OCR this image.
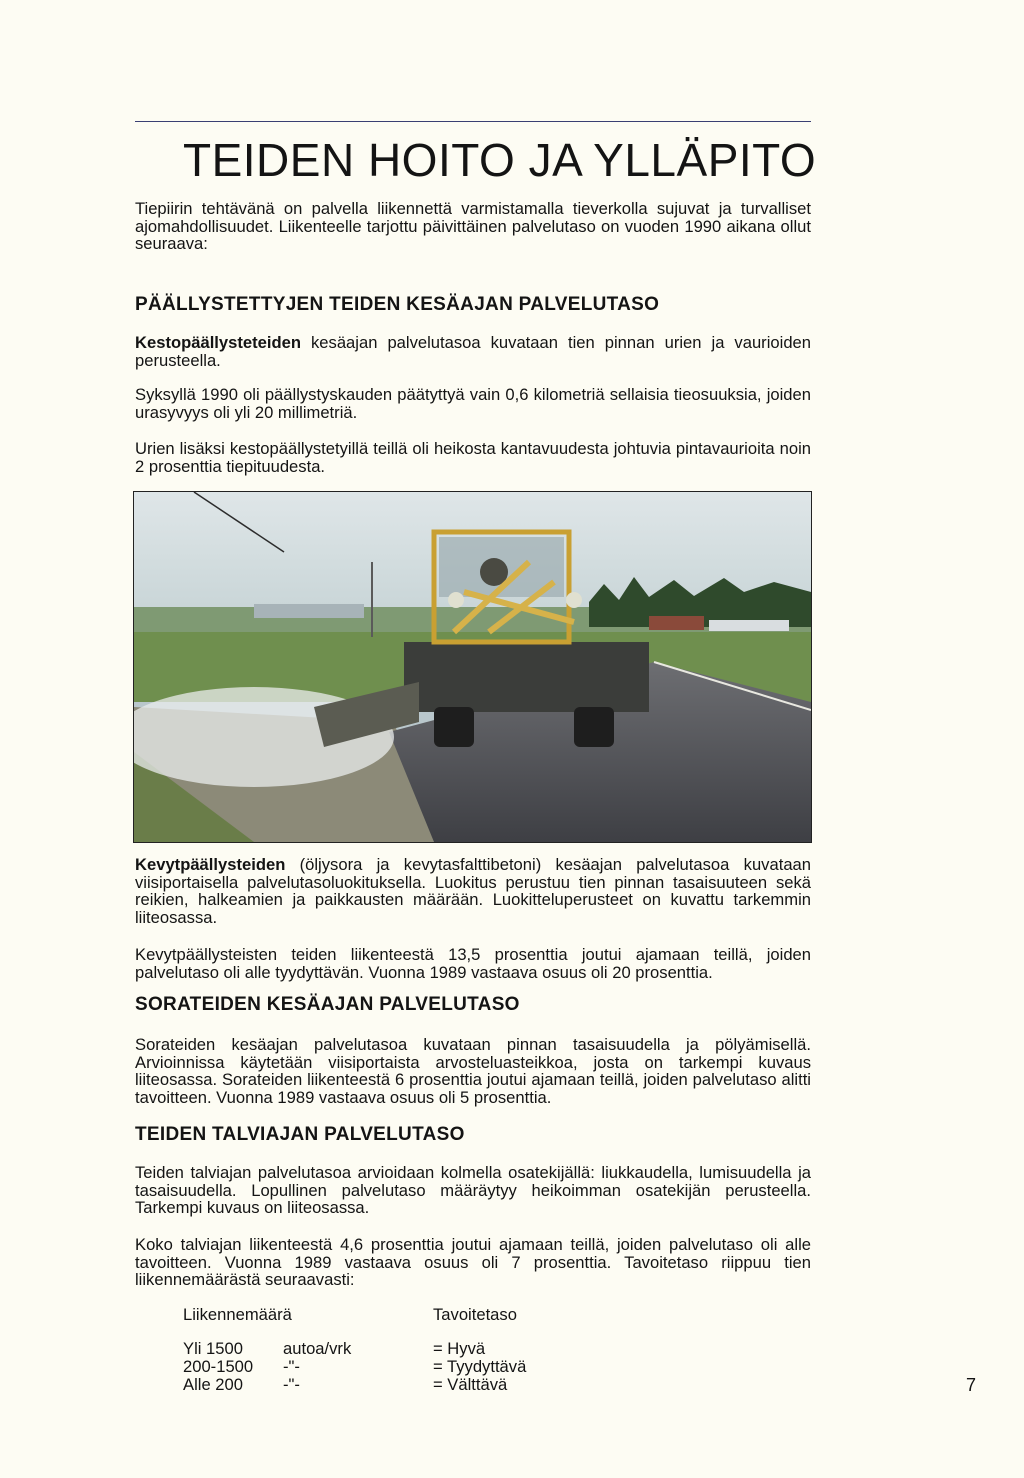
TEIDEN HOITO JA YLLÄPITO

Tiepiirin tehtävänä on palvella liikennettä varmistamalla tieverkolla sujuvat ja turvalliset ajomahdollisuudet. Liikenteelle tarjottu päivittäinen palvelutaso on vuoden 1990 aikana ollut seuraava:

PÄÄLLYSTETTYJEN TEIDEN KESÄAJAN PALVELUTASO

Kestopäällysteteiden kesäajan palvelutasoa kuvataan tien pinnan urien ja vaurioiden perusteella.

Syksyllä 1990 oli päällystyskauden päätyttyä vain 0,6 kilometriä sellaisia tieosuuksia, joiden urasyvyys oli yli 20 millimetriä.

Urien lisäksi kestopäällystetyillä teillä oli heikosta kantavuudesta johtuvia pintavaurioita noin 2 prosenttia tiepituudesta.

Kevytpäällysteiden (öljysora ja kevytasfalttibetoni) kesäajan palvelutasoa kuvataan viisiportaisella palvelutasoluokituksella. Luokitus perustuu tien pinnan tasaisuuteen sekä reikien, halkeamien ja paikkausten määrään. Luokitteluperusteet on kuvattu tarkemmin liiteosassa.

Kevytpäällysteisten teiden liikenteestä 13,5 prosenttia joutui ajamaan teillä, joiden palvelutaso oli alle tyydyttävän. Vuonna 1989 vastaava osuus oli 20 prosenttia.

SORATEIDEN KESÄAJAN PALVELUTASO

Sorateiden kesäajan palvelutasoa kuvataan pinnan tasaisuudella ja pölyämisellä. Arvioinnissa käytetään viisiportaista arvosteluasteikkoa, josta on tarkempi kuvaus liiteosassa. Sorateiden liikenteestä 6 prosenttia joutui ajamaan teillä, joiden palvelutaso alitti tavoitteen. Vuonna 1989 vastaava osuus oli 5 prosenttia.

TEIDEN TALVIAJAN PALVELUTASO

Teiden talviajan palvelutasoa arvioidaan kolmella osatekijällä: liukkaudella, lumisuudella ja tasaisuudella. Lopullinen palvelutaso määräytyy heikoimman osatekijän perusteella. Tarkempi kuvaus on liiteosassa.

Koko talviajan liikenteestä 4,6 prosenttia joutui ajamaan teillä, joiden palvelutaso oli alle tavoitteen. Vuonna 1989 vastaava osuus oli 7 prosenttia. Tavoitetaso riippuu tien liikennemäärästä seuraavasti:

Liikennemäärä	Tavoitetaso
Yli 1500 autoa/vrk	= Hyvä
200-1500 -"-	= Tyydyttävä
Alle 200 -"-	= Välttävä	7
